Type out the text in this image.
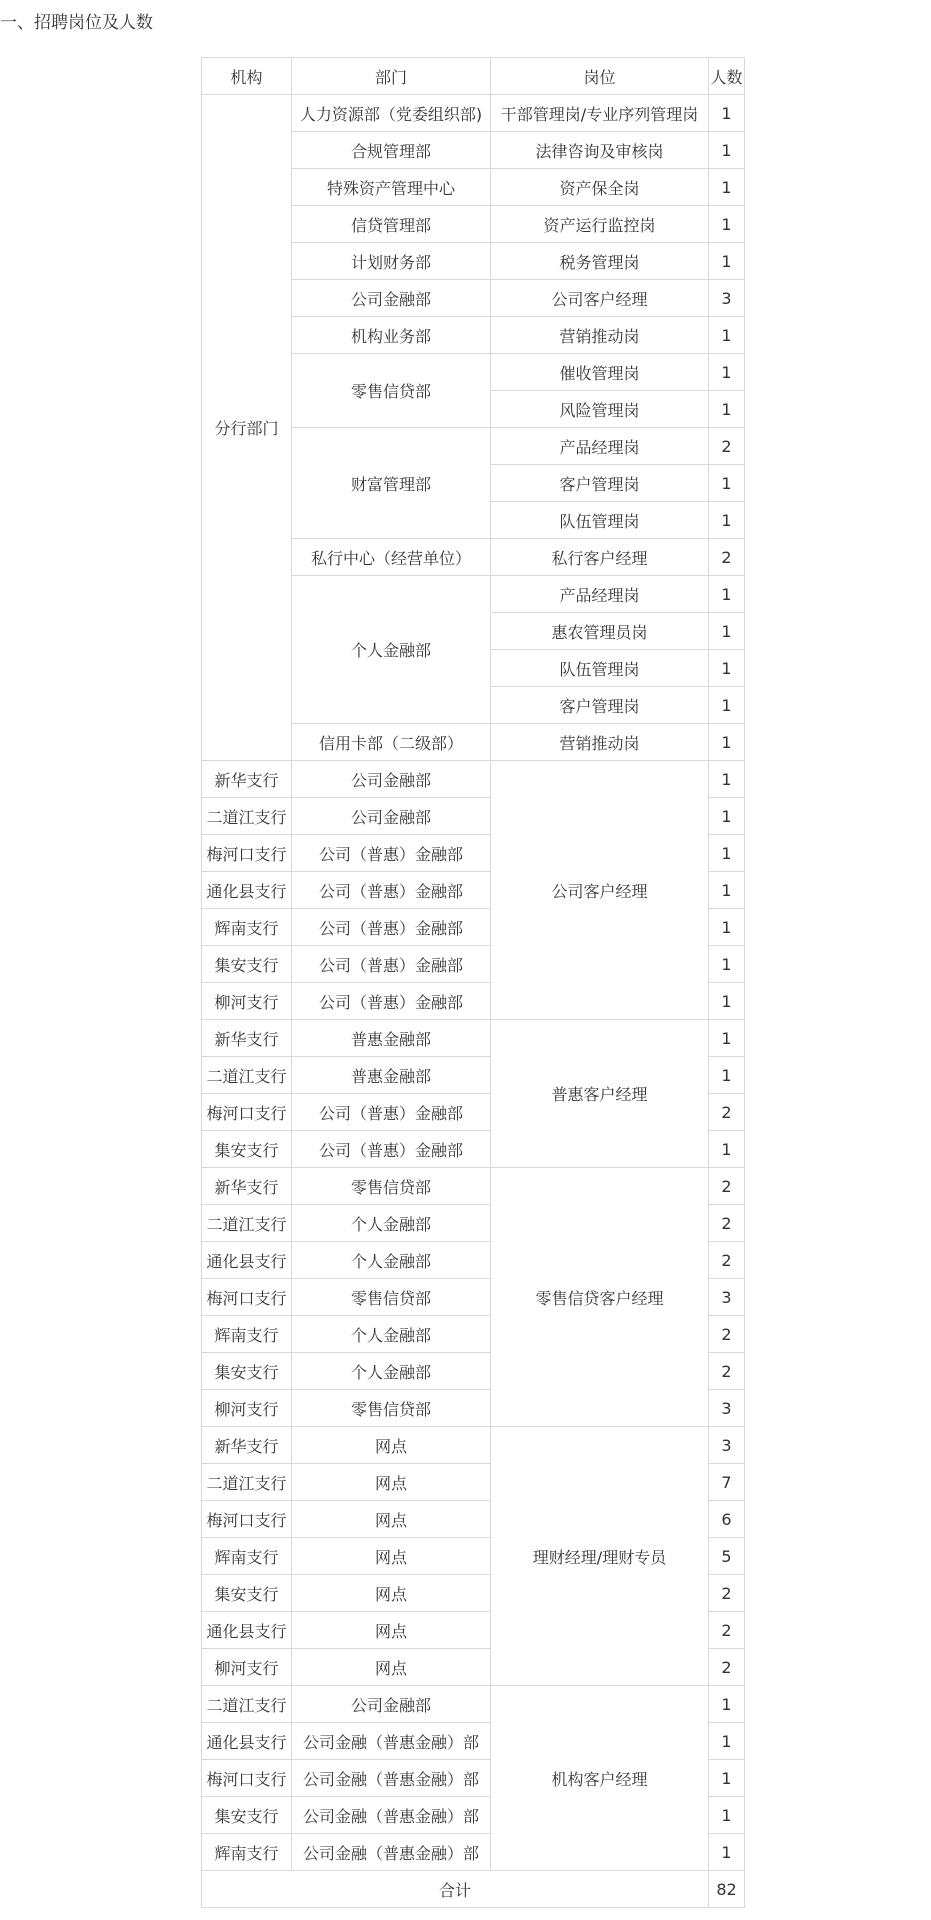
一、招聘岗位及人数
机构	部门	岗位	人数
分行部门	人力资源部（党委组织部)	干部管理岗/专业序列管理岗	1
	合规管理部	法律咨询及审核岗	1
	特殊资产管理中心	资产保全岗	1
	信贷管理部	资产运行监控岗	1
	计划财务部	税务管理岗	1
	公司金融部	公司客户经理	3
	机构业务部	营销推动岗	1
	零售信贷部	催收管理岗	1
		风险管理岗	1
	财富管理部	产品经理岗	2
		客户管理岗	1
		队伍管理岗	1
	私行中心（经营单位）	私行客户经理	2
	个人金融部	产品经理岗	1
		惠农管理员岗	1
		队伍管理岗	1
		客户管理岗	1
	信用卡部（二级部）	营销推动岗	1
新华支行	公司金融部	公司客户经理	1
二道江支行	公司金融部		1
梅河口支行	公司（普惠）金融部		1
通化县支行	公司（普惠）金融部		1
辉南支行	公司（普惠）金融部		1
集安支行	公司（普惠）金融部		1
柳河支行	公司（普惠）金融部		1
新华支行	普惠金融部	普惠客户经理	1
二道江支行	普惠金融部		1
梅河口支行	公司（普惠）金融部		2
集安支行	公司（普惠）金融部		1
新华支行	零售信贷部	零售信贷客户经理	2
二道江支行	个人金融部		2
通化县支行	个人金融部		2
梅河口支行	零售信贷部		3
辉南支行	个人金融部		2
集安支行	个人金融部		2
柳河支行	零售信贷部		3
新华支行	网点	理财经理/理财专员	3
二道江支行	网点		7
梅河口支行	网点		6
辉南支行	网点		5
集安支行	网点		2
通化县支行	网点		2
柳河支行	网点		2
二道江支行	公司金融部	机构客户经理	1
通化县支行	公司金融（普惠金融）部		1
梅河口支行	公司金融（普惠金融）部		1
集安支行	公司金融（普惠金融）部		1
辉南支行	公司金融（普惠金融）部		1
合计			82
